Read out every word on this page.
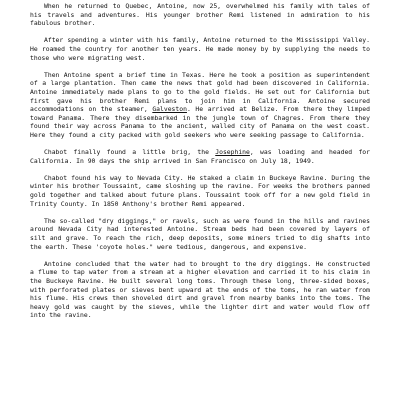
When he returned to Quebec, Antoine, now 25, overwhelmed his family with tales of his travels and adventures. His younger brother Remi listened in admiration to his fabulous brother.

After spending a winter with his family, Antoine returned to the Mississippi Valley. He roamed the country for another ten years. He made money by by supplying the needs to those who were migrating west.

Then Antoine spent a brief time in Texas. Here he took a position as superintendent of a large plantation. Then came the news that gold had been discovered in California. Antoine immediately made plans to go to the gold fields. He set out for California but first gave his brother Remi plans to join him in California. Antoine secured accommodations on the steamer, Galveston. He arrived at Belize. From there they limped toward Panama. There they disembarked in the jungle town of Chagres. From there they found their way across Panama to the ancient, walled city of Panama on the west coast. Here they found a city packed with gold seekers who were seeking passage to California.

Chabot finally found a little brig, the Josephine, was loading and headed for California. In 90 days the ship arrived in San Francisco on July 18, 1949.

Chabot found his way to Nevada City. He staked a claim in Buckeye Ravine. During the winter his brother Toussaint, came sloshing up the ravine. For weeks the brothers panned gold together and talked about future plans. Toussaint took off for a new gold field in Trinity County. In 1850 Anthony's brother Remi appeared.

The so-called "dry diggings," or ravels, such as were found in the hills and ravines around Nevada City had interested Antoine. Stream beds had been covered by layers of silt and grave. To reach the rich, deep deposits, some miners tried to dig shafts into the earth. These 'coyote holes." were tedious, dangerous, and expensive.

Antoine concluded that the water had to brought to the dry diggings. He constructed a flume to tap water from a stream at a higher elevation and carried it to his claim in the Buckeye Ravine. He built several long toms. Through these long, three-sided boxes, with perforated plates or sieves bent upward at the ends of the toms, he ran water from his flume. His crews then shoveled dirt and gravel from nearby banks into the toms. The heavy gold was caught by the sieves, while the lighter dirt and water would flow off into the ravine.
